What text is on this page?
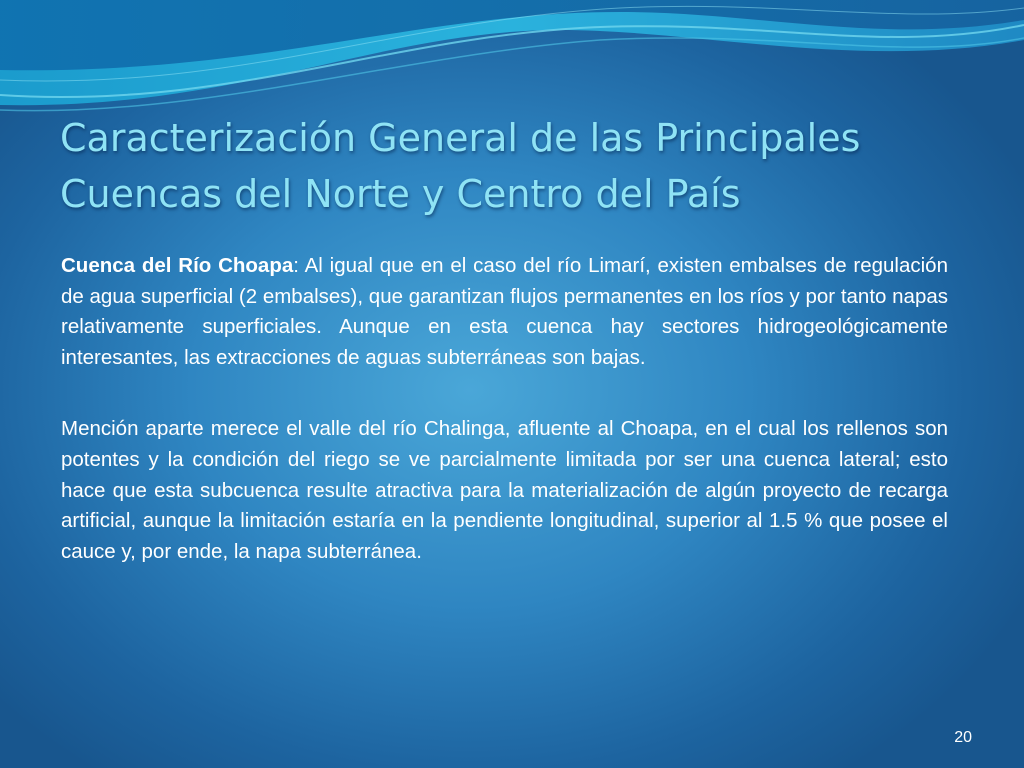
Caracterización General de las Principales
Cuencas del Norte y Centro del País

Cuenca del Río Choapa: Al igual que en el caso del río Limarí, existen embalses de regulación de agua superficial (2 embalses), que garantizan flujos permanentes en los ríos y por tanto napas relativamente superficiales. Aunque en esta cuenca hay sectores hidrogeológicamente interesantes, las extracciones de aguas subterráneas son bajas.

Mención aparte merece el valle del río Chalinga, afluente al Choapa, en el cual los rellenos son potentes y la condición del riego se ve parcialmente limitada por ser una cuenca lateral; esto hace que esta subcuenca resulte atractiva para la materialización de algún proyecto de recarga artificial, aunque la limitación estaría en la pendiente longitudinal, superior al 1.5 % que posee el cauce y, por ende, la napa subterránea.

20
